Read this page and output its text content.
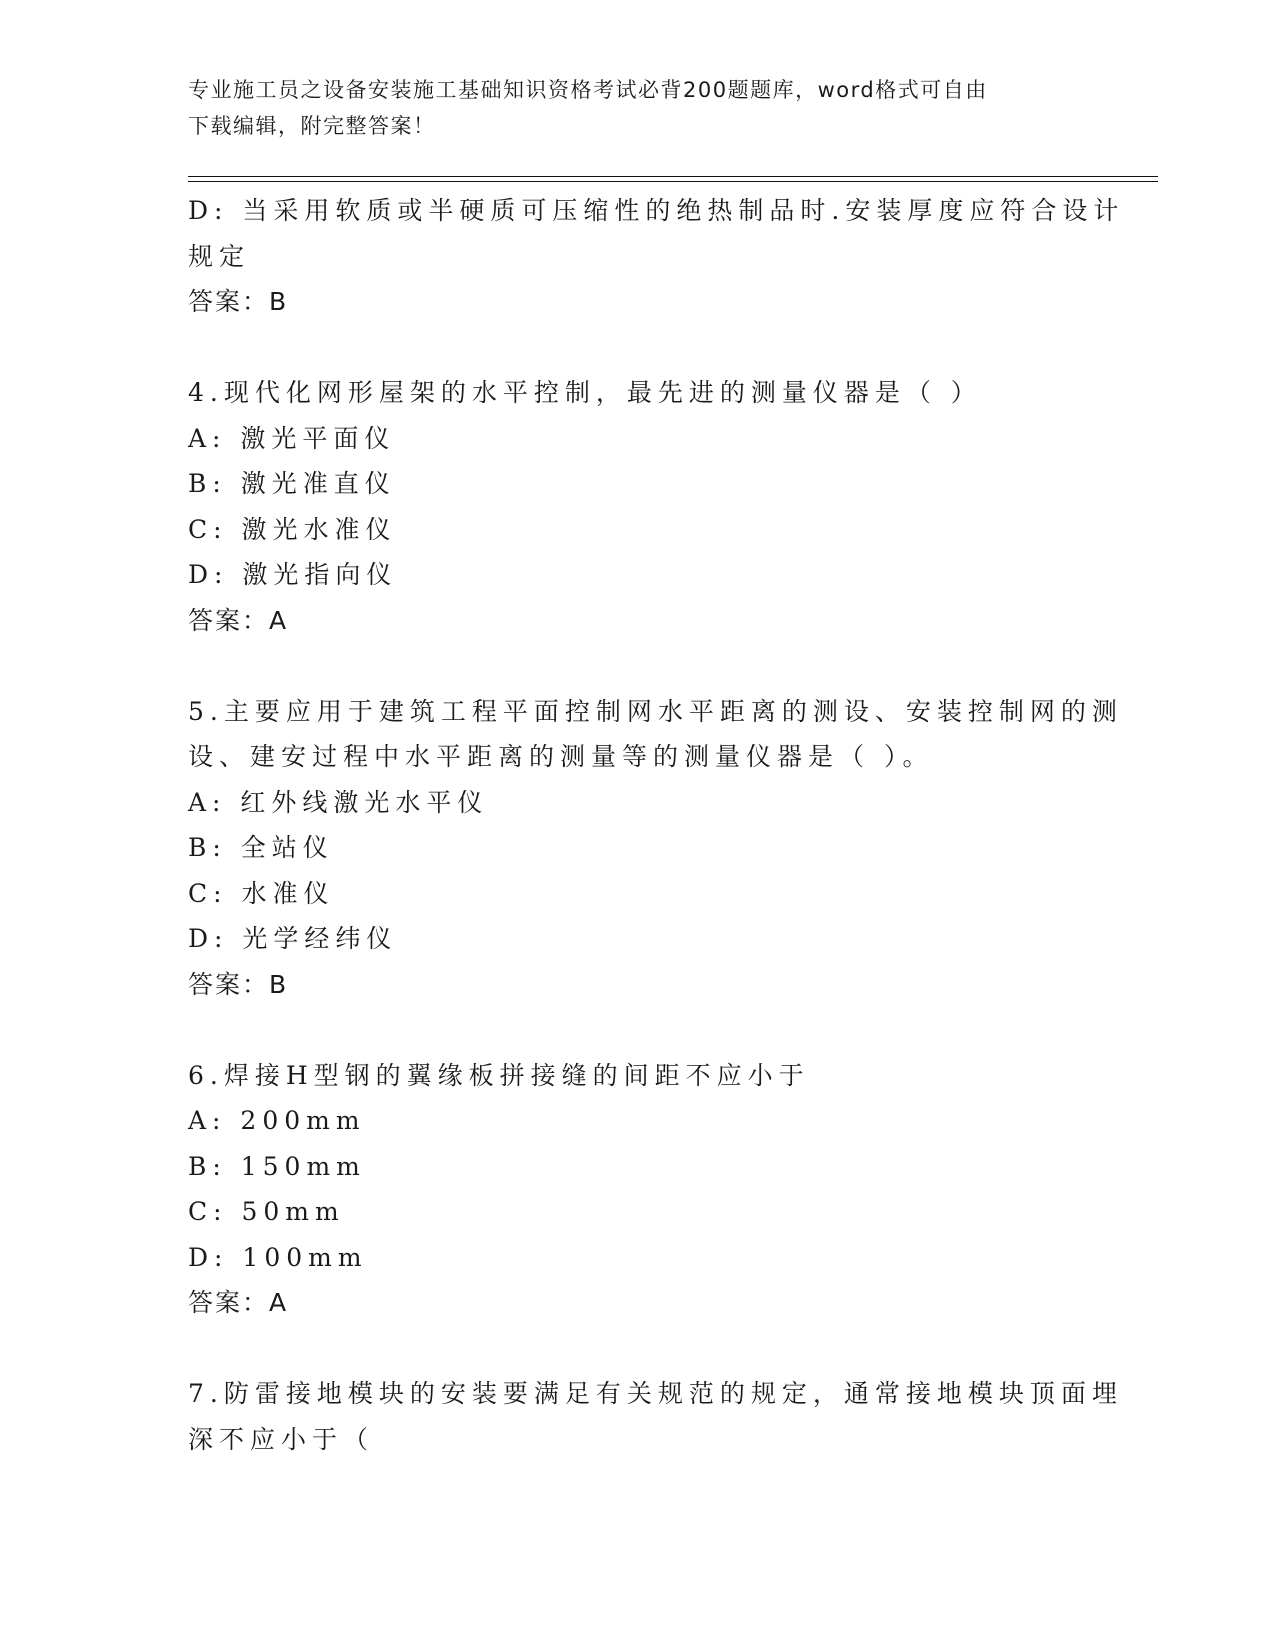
专业施工员之设备安装施工基础知识资格考试必背200题题库，word格式可自由
下载编辑，附完整答案！
D: 当采用软质或半硬质可压缩性的绝热制品时.安装厚度应符合设计
规定
答案：B
4.现代化网形屋架的水平控制，最先进的测量仪器是（ ）
A: 激光平面仪
B: 激光准直仪
C: 激光水准仪
D: 激光指向仪
答案：A
5.主要应用于建筑工程平面控制网水平距离的测设、安装控制网的测
设、建安过程中水平距离的测量等的测量仪器是（ ）。
A: 红外线激光水平仪
B: 全站仪
C: 水准仪
D: 光学经纬仪
答案：B
6.焊接H型钢的翼缘板拼接缝的间距不应小于
A: 200mm
B: 150mm
C: 50mm
D: 100mm
答案：A
7.防雷接地模块的安装要满足有关规范的规定，通常接地模块顶面埋
深不应小于（
